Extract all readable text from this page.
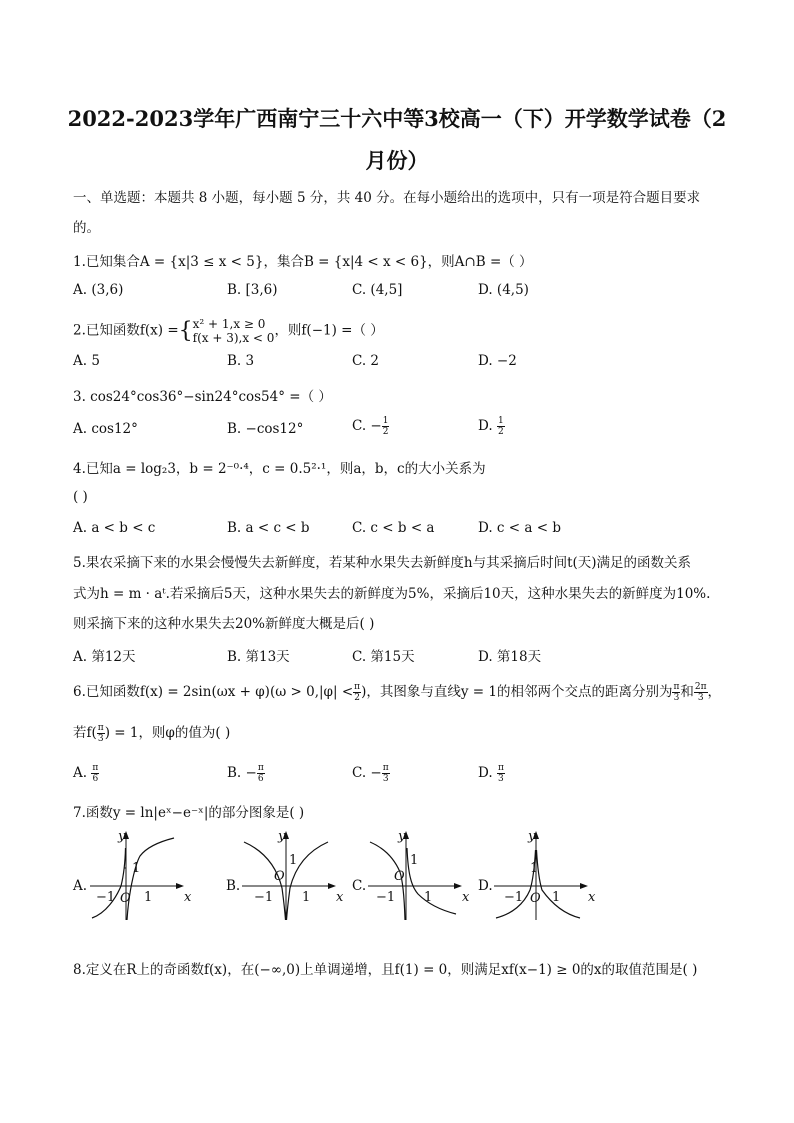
2022-2023学年广西南宁三十六中等3校高一（下）开学数学试卷（2
月份）
一、单选题：本题共 8 小题，每小题 5 分，共 40 分。在每小题给出的选项中，只有一项是符合题目要求
的。
1.已知集合A = {x|3 ≤ x < 5}，集合B = {x|4 < x < 6}，则A∩B =（ ）
A. (3,6)	B. [3,6)	C. (4,5]	D. (4,5)
2.已知函数f(x) ={ x² + 1,x ≥ 0
f(x + 3),x < 0 ，则f(−1) =（ ）
A. 5	B. 3	C. 2	D. −2
3. cos24°cos36°−sin24°cos54° =（ ）
A. cos12°	B. −cos12°	C. − $\frac{1}{2}$	D. $\frac{1}{2}$
4.已知a = log₂3，b = 2⁻⁰·⁴，c = 0.5²·¹，则a，b，c的大小关系为
( )
A. a < b < c	B. a < c < b	C. c < b < a	D. c < a < b
5.果农采摘下来的水果会慢慢失去新鲜度，若某种水果失去新鲜度h与其采摘后时间t(天)满足的函数关系
式为h = m · aᵗ.若采摘后5天，这种水果失去的新鲜度为5%，采摘后10天，这种水果失去的新鲜度为10%.
则采摘下来的这种水果失去20%新鲜度大概是后( )
A. 第12天	B. 第13天	C. 第15天	D. 第18天
6.已知函数$f(x) = 2\sin(\omega x + \varphi)(\omega > 0,|\varphi| < \frac{\pi}{2}$ )，其图象与直线y = 1的相邻两个交点的距离分别为 $\frac{\pi}{3}$ 和 $\frac{2\pi}{3}$ ，
若$f( \frac{\pi}{3}$ ) = 1，则φ的值为( )
A. $\frac{\pi}{6}$	B. − $\frac{\pi}{6}$	C. − $\frac{\pi}{3}$	D. $\frac{\pi}{3}$
7.函数y = ln|eˣ−e⁻ˣ|的部分图象是( )
A.	B.	C.	D.
y
x
1
O
−1 1
y
x
1
O
−1 1
y
x
1
O
−1 1
y
x
1
O
−1 1
8.定义在R上的奇函数f(x)，在(−∞,0)上单调递增，且f(1) = 0，则满足xf(x−1) ≥ 0的x的取值范围是( )
